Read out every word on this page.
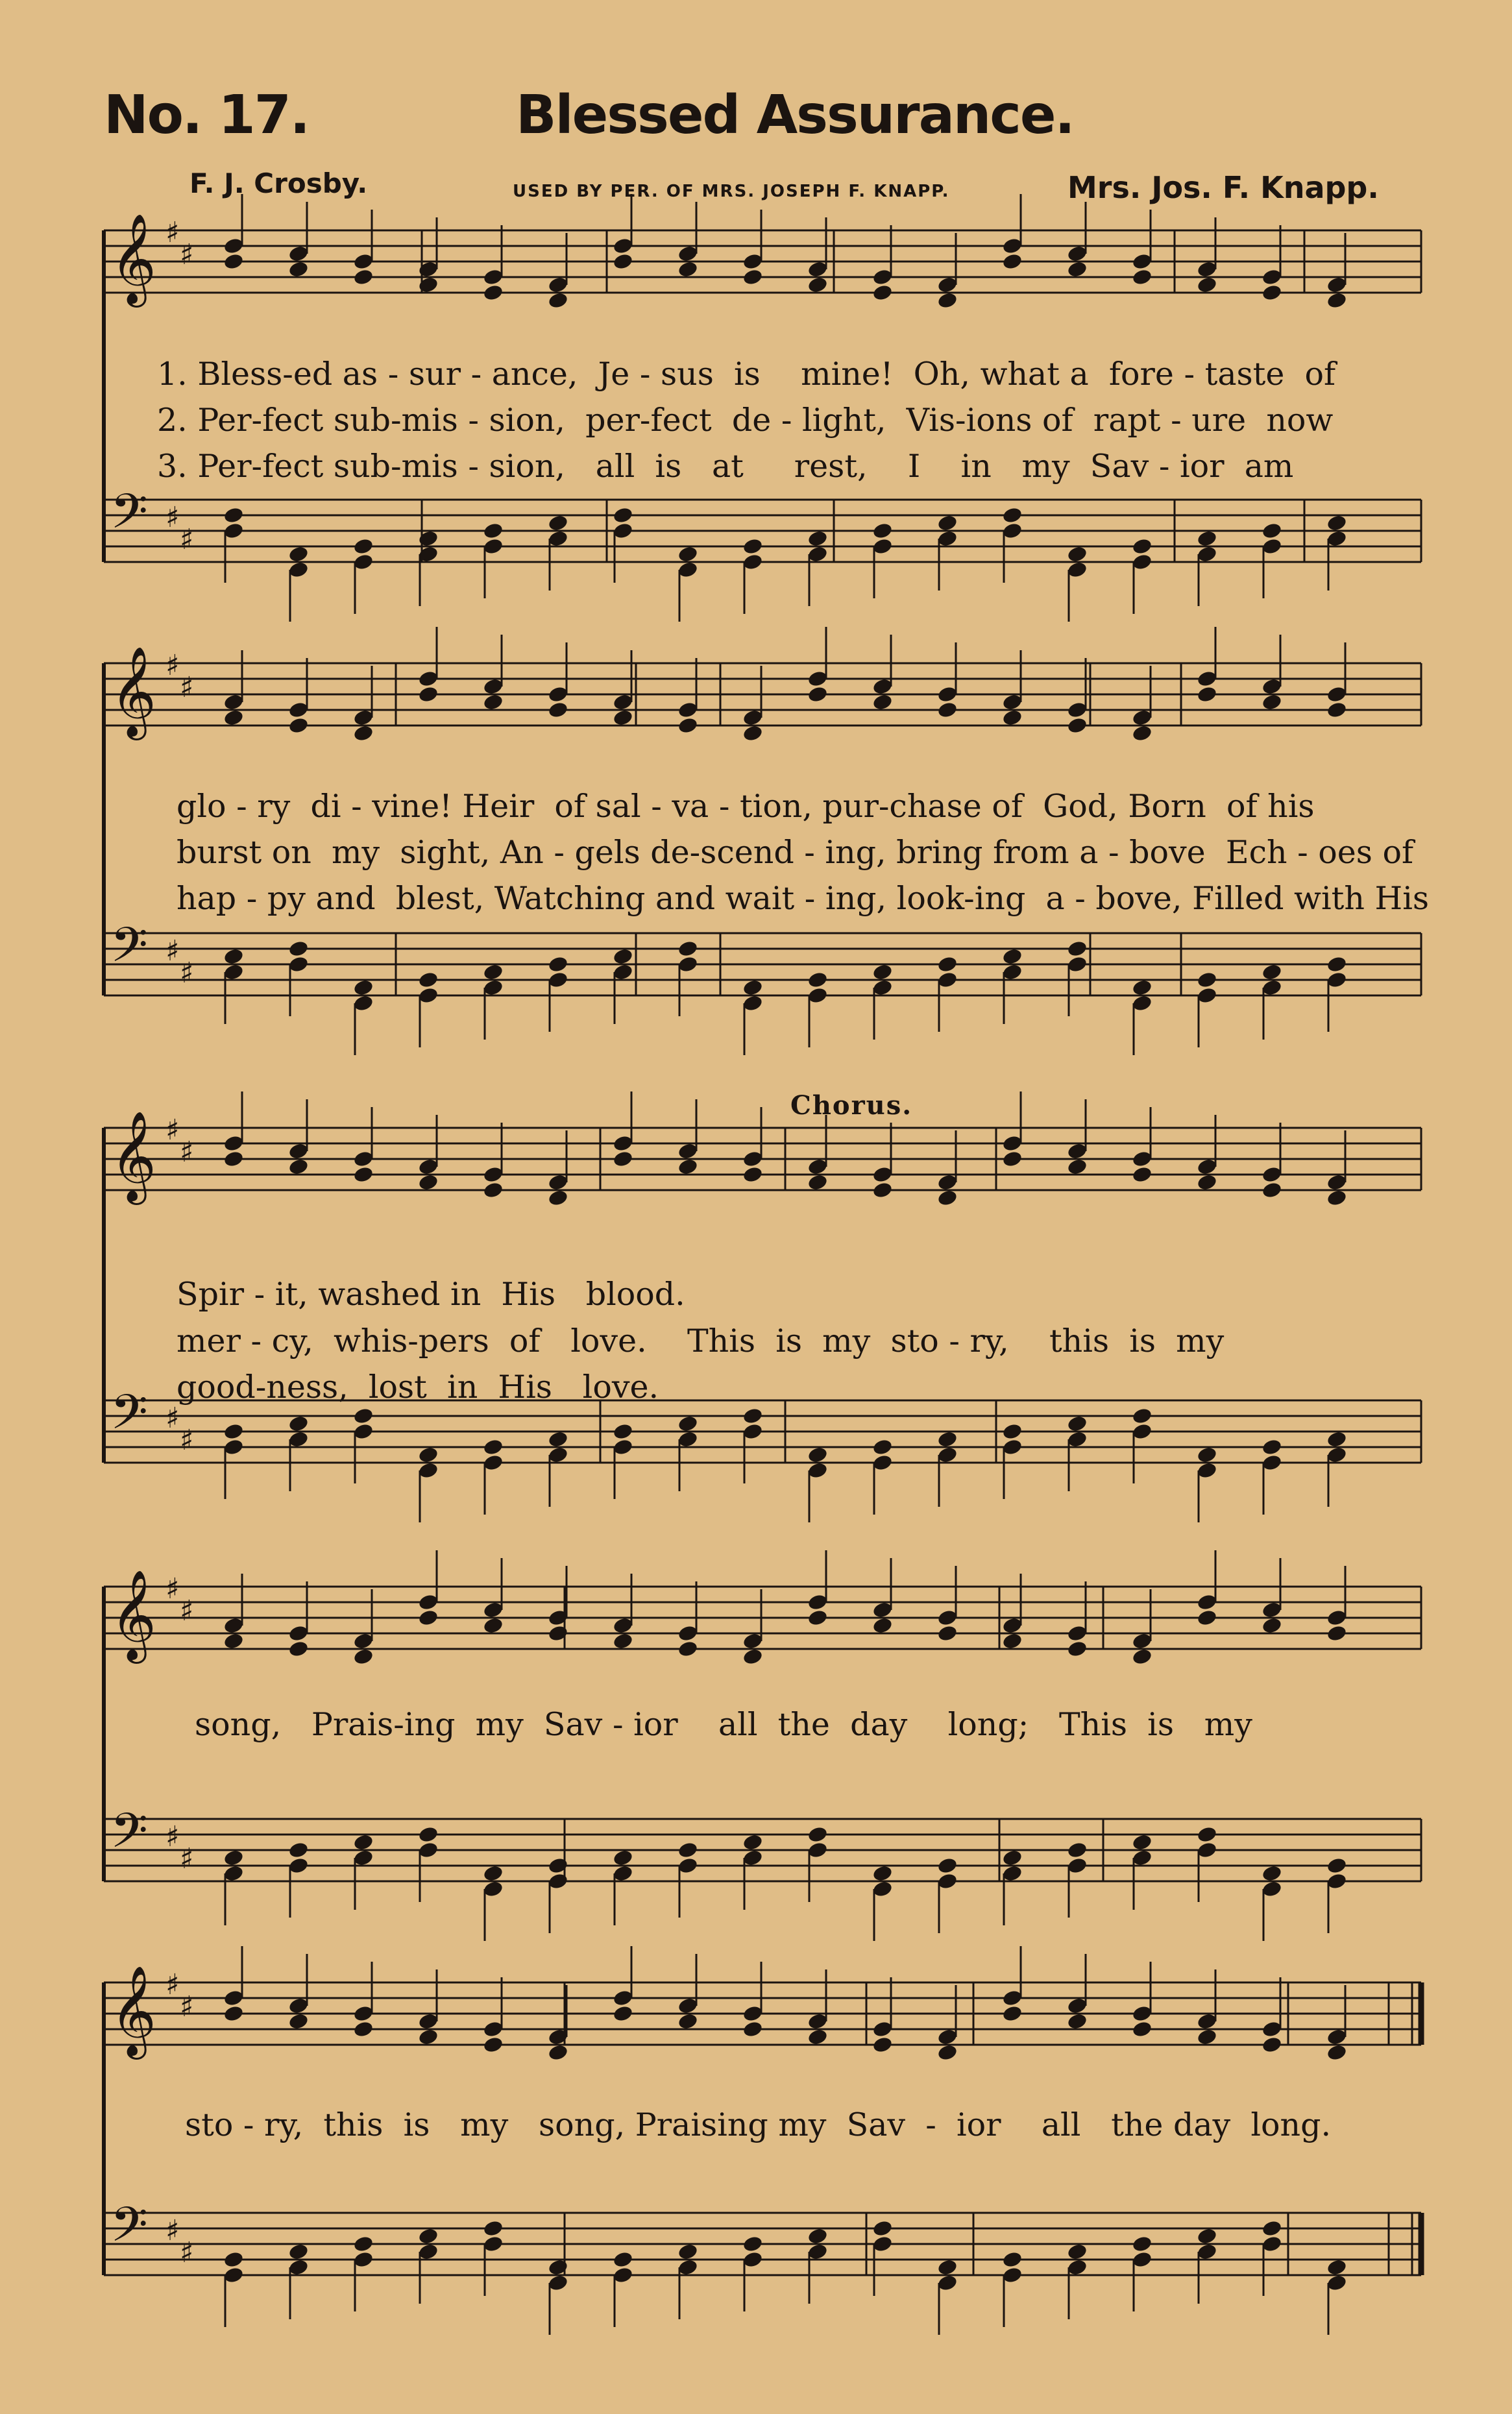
No. 17.	Blessed Assurance.
F. J. Crosby.	USED BY PER. OF MRS. JOSEPH F. KNAPP.	Mrs. Jos. F. Knapp.
𝄞 ♯
♯
𝄢 ♯
♯
𝄞 ♯
♯
𝄢 ♯
♯
𝄞 ♯
♯
𝄢 ♯
♯
𝄞 ♯
♯
𝄢 ♯
♯
𝄞 ♯
♯
𝄢 ♯
♯
1. Bless-ed as - sur - ance,  Je - sus  is    mine!  Oh, what a  fore - taste  of
2. Per-fect sub-mis - sion,  per-fect  de - light,  Vis-ions of  rapt - ure  now
3. Per-fect sub-mis - sion,   all  is   at     rest,    I    in   my  Sav - ior  am
glo - ry  di - vine! Heir  of sal - va - tion, pur-chase of  God, Born  of his
burst on  my  sight, An - gels de-scend - ing, bring from a - bove  Ech - oes of
hap - py and  blest, Watching and wait - ing, look-ing  a - bove, Filled with His
Chorus.
Spir - it, washed in  His   blood.
mer - cy,  whis-pers  of   love.    This  is  my  sto - ry,    this  is  my
good-ness,  lost  in  His   love.
song,   Prais-ing  my  Sav - ior    all  the  day    long;   This  is   my
sto - ry,  this  is   my   song, Praising my  Sav  -  ior    all   the day  long.
